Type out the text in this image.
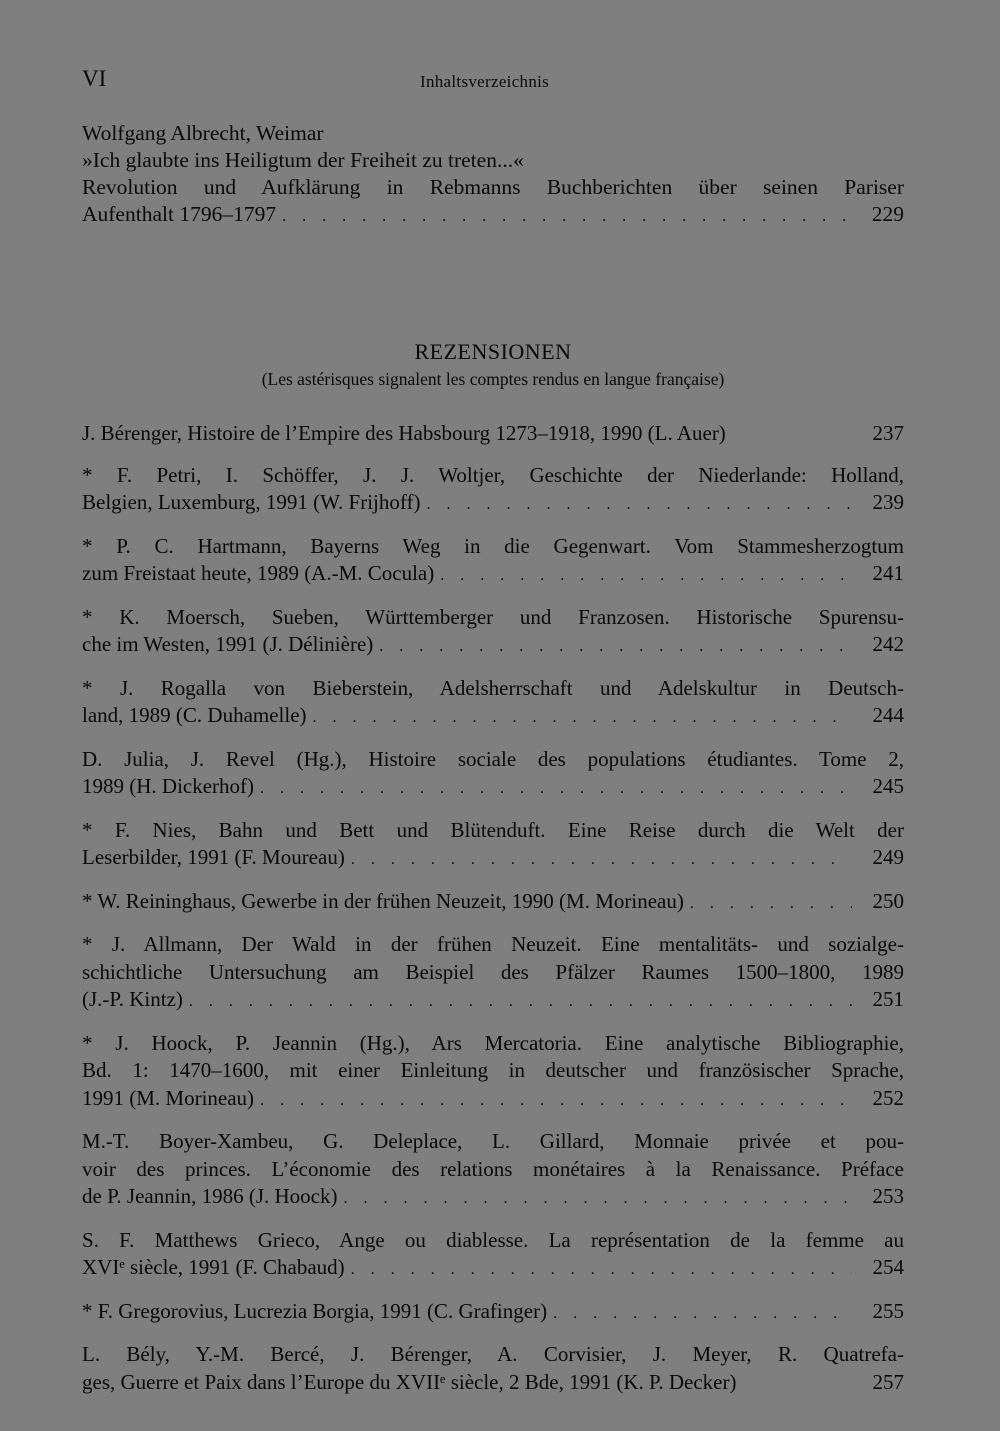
VI	Inhaltsverzeichnis
Wolfgang Albrecht, Weimar
»Ich glaubte ins Heiligtum der Freiheit zu treten...«
Revolution und Aufklärung in Rebmanns Buchberichten über seinen Pariser
Aufenthalt 1796–1797 . . .	229
REZENSIONEN
(Les astérisques signalent les comptes rendus en langue française)
J. Bérenger, Histoire de l’Empire des Habsbourg 1273–1918, 1990 (L. Auer)	237
* F. Petri, I. Schöffer, J. J. Woltjer, Geschichte der Niederlande: Holland,
Belgien, Luxemburg, 1991 (W. Frijhoff) . . .	239
* P. C. Hartmann, Bayerns Weg in die Gegenwart. Vom Stammesherzogtum
zum Freistaat heute, 1989 (A.-M. Cocula) . . .	241
* K. Moersch, Sueben, Württemberger und Franzosen. Historische Spurensu-
che im Westen, 1991 (J. Délinière) . . .	242
* J. Rogalla von Bieberstein, Adelsherrschaft und Adelskultur in Deutsch-
land, 1989 (C. Duhamelle) . . .	244
D. Julia, J. Revel (Hg.), Histoire sociale des populations étudiantes. Tome 2,
1989 (H. Dickerhof) . . .	245
* F. Nies, Bahn und Bett und Blütenduft. Eine Reise durch die Welt der
Leserbilder, 1991 (F. Moureau) . . .	249
* W. Reininghaus, Gewerbe in der frühen Neuzeit, 1990 (M. Morineau) . . .	250
* J. Allmann, Der Wald in der frühen Neuzeit. Eine mentalitäts- und sozialge-
schichtliche Untersuchung am Beispiel des Pfälzer Raumes 1500–1800, 1989
(J.-P. Kintz) . . .	251
* J. Hoock, P. Jeannin (Hg.), Ars Mercatoria. Eine analytische Bibliographie,
Bd. 1: 1470–1600, mit einer Einleitung in deutscher und französischer Sprache,
1991 (M. Morineau) . . .	252
M.-T. Boyer-Xambeu, G. Deleplace, L. Gillard, Monnaie privée et pou-
voir des princes. L’économie des relations monétaires à la Renaissance. Préface
de P. Jeannin, 1986 (J. Hoock) . . .	253
S. F. Matthews Grieco, Ange ou diablesse. La représentation de la femme au
XVIᵉ siècle, 1991 (F. Chabaud) . . .	254
* F. Gregorovius, Lucrezia Borgia, 1991 (C. Grafinger) . . .	255
L. Bély, Y.-M. Bercé, J. Bérenger, A. Corvisier, J. Meyer, R. Quatrefa-
ges, Guerre et Paix dans l’Europe du XVIIᵉ siècle, 2 Bde, 1991 (K. P. Decker)	257
